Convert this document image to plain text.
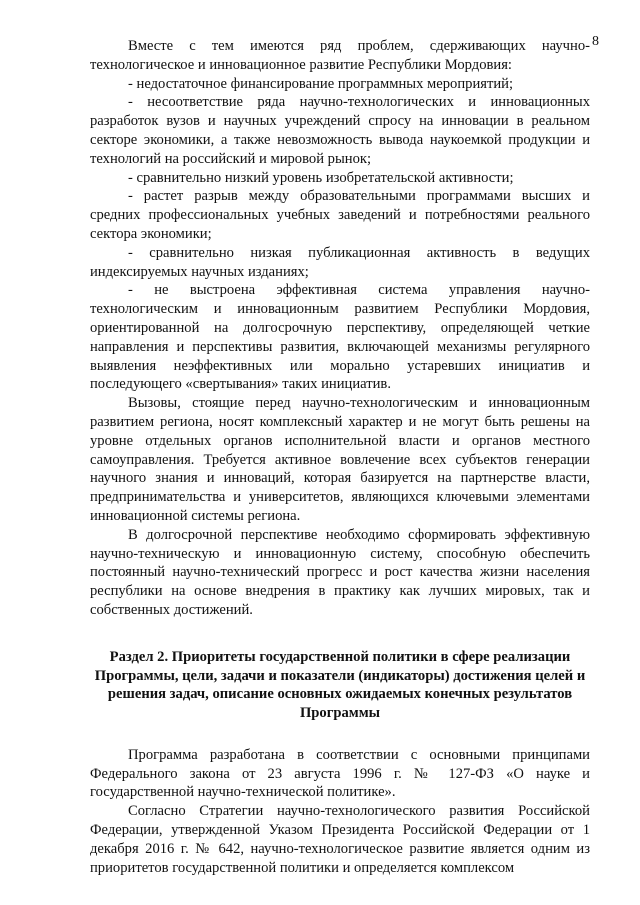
8

Вместе с тем имеются ряд проблем, сдерживающих научно-технологическое и инновационное развитие Республики Мордовия:

- недостаточное финансирование программных мероприятий;

- несоответствие ряда научно-технологических и инновационных разработок вузов и научных учреждений спросу на инновации в реальном секторе экономики, а также невозможность вывода наукоемкой продукции и технологий на российский и мировой рынок;

- сравнительно низкий уровень изобретательской активности;

- растет разрыв между образовательными программами высших и средних профессиональных учебных заведений и потребностями реального сектора экономики;

- сравнительно низкая публикационная активность в ведущих индексируемых научных изданиях;

- не выстроена эффективная система управления научно-технологическим и инновационным развитием Республики Мордовия, ориентированной на долгосрочную перспективу, определяющей четкие направления и перспективы развития, включающей механизмы регулярного выявления неэффективных или морально устаревших инициатив и последующего «свертывания» таких инициатив.

Вызовы, стоящие перед научно-технологическим и инновационным развитием региона, носят комплексный характер и не могут быть решены на уровне отдельных органов исполнительной власти и органов местного самоуправления. Требуется активное вовлечение всех субъектов генерации научного знания и инноваций, которая базируется на партнерстве власти, предпринимательства и университетов, являющихся ключевыми элементами инновационной системы региона.

В долгосрочной перспективе необходимо сформировать эффективную научно-техническую и инновационную систему, способную обеспечить постоянный научно-технический прогресс и рост качества жизни населения республики на основе внедрения в практику как лучших мировых, так и собственных достижений.

Раздел 2. Приоритеты государственной политики в сфере реализации Программы, цели, задачи и показатели (индикаторы) достижения целей и решения задач, описание основных ожидаемых конечных результатов Программы

Программа разработана в соответствии с основными принципами Федерального закона от 23 августа 1996 г. № 127-ФЗ «О науке и государственной научно-технической политике».

Согласно Стратегии научно-технологического развития Российской Федерации, утвержденной Указом Президента Российской Федерации от 1 декабря 2016 г. № 642, научно-технологическое развитие является одним из приоритетов государственной политики и определяется комплексом
